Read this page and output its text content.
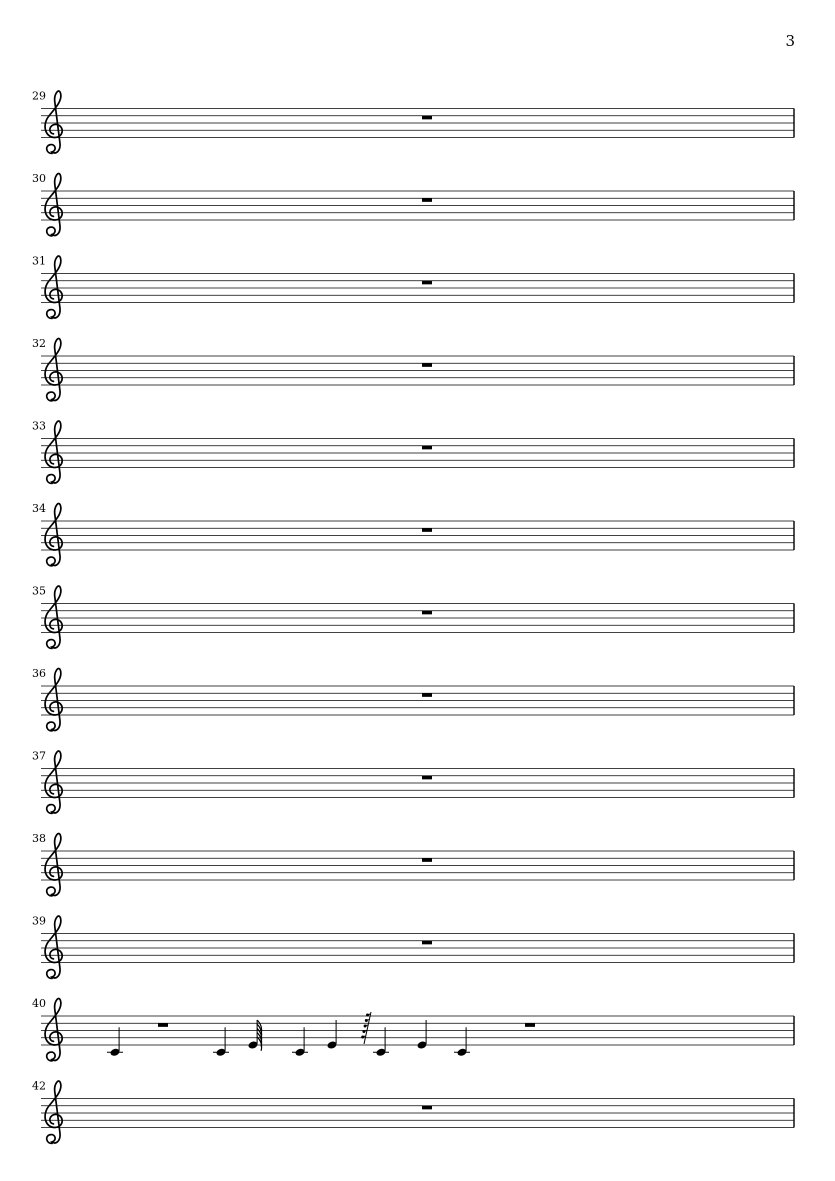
3
29
30
31
32
33
34
35
36
37
38
39
40
42
